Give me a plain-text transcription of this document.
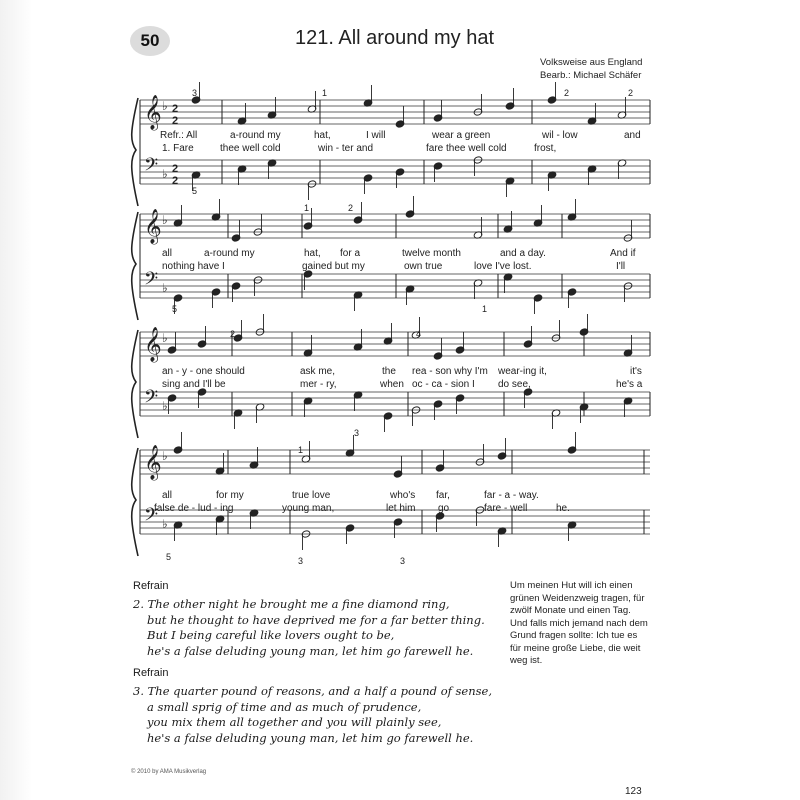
50	121. All around my hat
Volksweise aus England
Bearb.: Michael Schäfer
𝄞 ♭
𝄢 ♭
2
2
2
2
Refr.: All	a-round my	hat,	I will	wear a green	wil - low	and
1. Fare	thee well cold	win - ter and	fare thee well cold	frost,
3	1	2	2
5
𝄞 ♭
𝄢 ♭
all	a-round my	hat, for a	twelve month	and a day.	And if
nothing have I	gained but my	own true	love I've lost.	I'll
1	2
5	1
𝄞 ♭
𝄢 ♭
an - y - one should	ask me,	the rea - son why I'm wear-ing it,	it's
sing and I'll be	mer - ry,	when oc - ca - sion I do see,	he's a
2	4
3
𝄞 ♭
𝄢 ♭
all	for my	true love	who's far,	far - a - way.
false de - lud - ing	young man,	let him go	fare - well	he.
1
5	3	3
Refrain
2. The other night he brought me a fine diamond ring,
but he thought to have deprived me for a far better thing.
But I being careful like lovers ought to be,
he's a false deluding young man, let him go farewell he.
Refrain
3. The quarter pound of reasons, and a half a pound of sense,
a small sprig of time and as much of prudence,
you mix them all together and you will plainly see,
he's a false deluding young man, let him go farewell he.
Um meinen Hut will ich einen grünen Weidenzweig tragen, für zwölf Monate und einen Tag. Und falls mich jemand nach dem Grund fragen sollte: Ich tue es für meine große Liebe, die weit weg ist.
© 2010 by AMA Musikverlag
123
